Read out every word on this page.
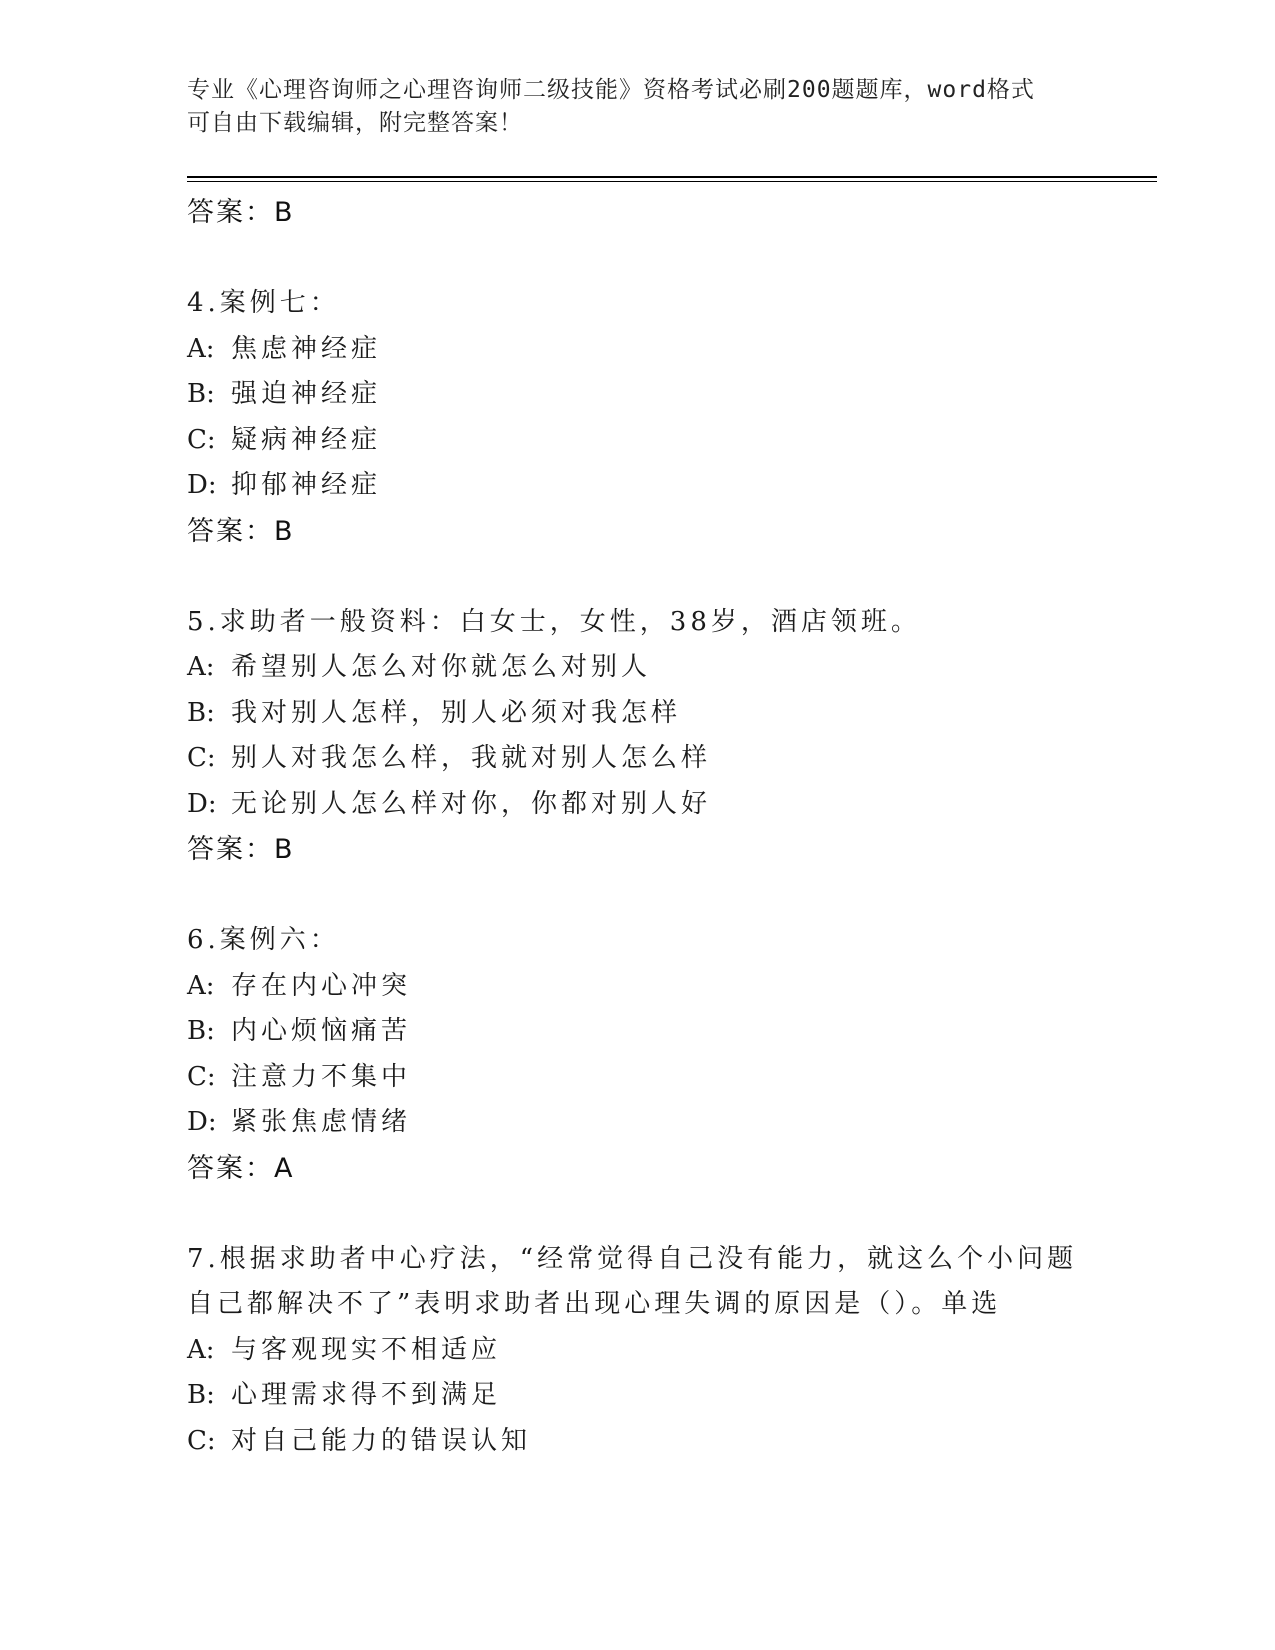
专业《心理咨询师之心理咨询师二级技能》资格考试必刷200题题库，word格式
可自由下载编辑，附完整答案！
答案：B
4.案例七：
A: 焦虑神经症
B: 强迫神经症
C: 疑病神经症
D: 抑郁神经症
答案：B
5.求助者一般资料：白女士，女性，38岁，酒店领班。
A: 希望别人怎么对你就怎么对别人
B: 我对别人怎样，别人必须对我怎样
C: 别人对我怎么样，我就对别人怎么样
D: 无论别人怎么样对你，你都对别人好
答案：B
6.案例六：
A: 存在内心冲突
B: 内心烦恼痛苦
C: 注意力不集中
D: 紧张焦虑情绪
答案：A
7.根据求助者中心疗法，“经常觉得自己没有能力，就这么个小问题
自己都解决不了”表明求助者出现心理失调的原因是（）。单选
A: 与客观现实不相适应
B: 心理需求得不到满足
C: 对自己能力的错误认知
